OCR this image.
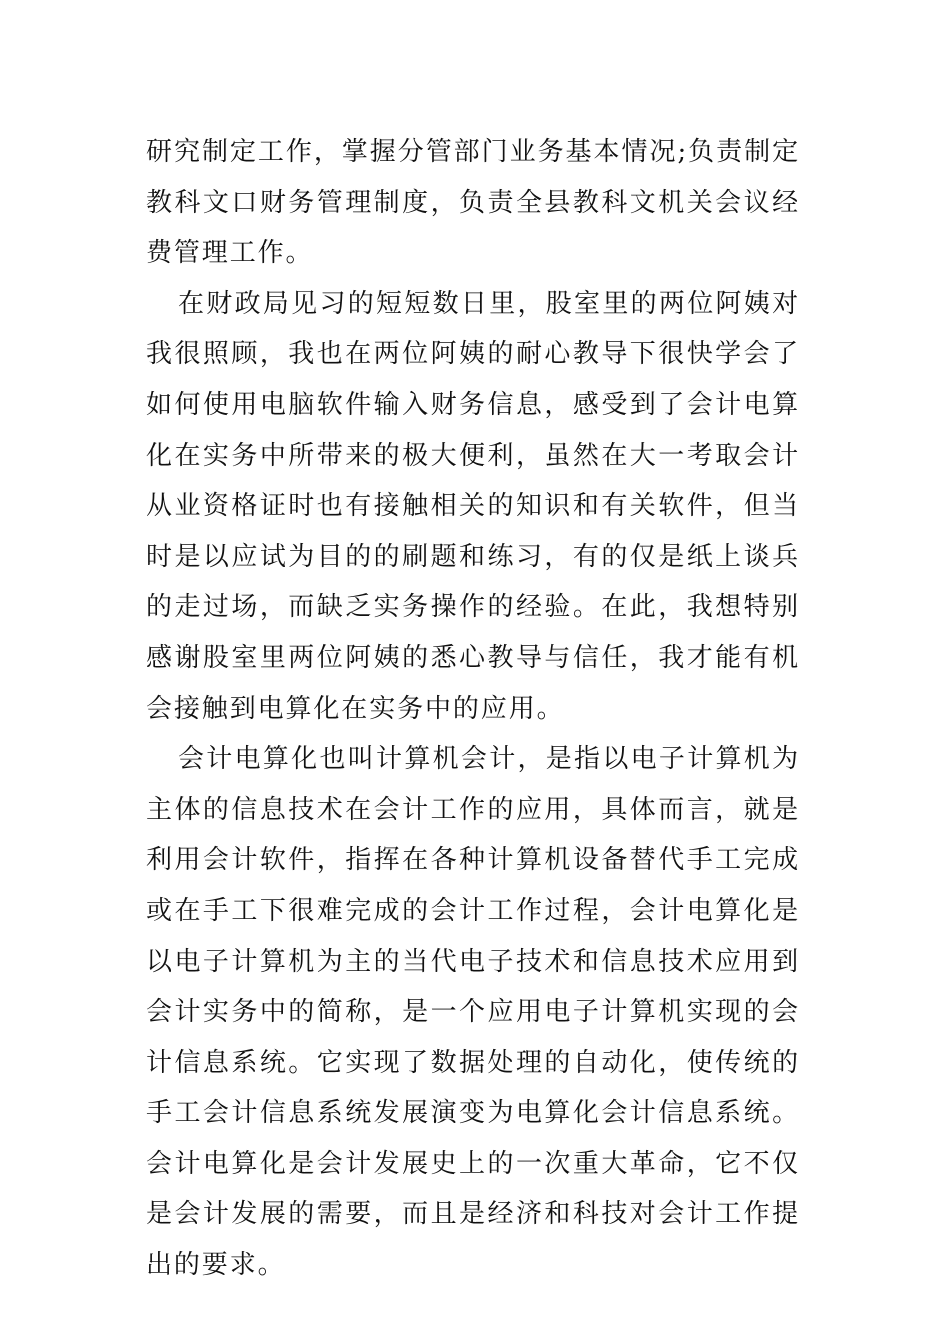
研究制定工作，掌握分管部门业务基本情况;负责制定教科文口财务管理制度，负责全县教科文机关会议经费管理工作。

在财政局见习的短短数日里，股室里的两位阿姨对我很照顾，我也在两位阿姨的耐心教导下很快学会了如何使用电脑软件输入财务信息，感受到了会计电算化在实务中所带来的极大便利，虽然在大一考取会计从业资格证时也有接触相关的知识和有关软件，但当时是以应试为目的的刷题和练习，有的仅是纸上谈兵的走过场，而缺乏实务操作的经验。在此，我想特别感谢股室里两位阿姨的悉心教导与信任，我才能有机会接触到电算化在实务中的应用。

会计电算化也叫计算机会计，是指以电子计算机为主体的信息技术在会计工作的应用，具体而言，就是利用会计软件，指挥在各种计算机设备替代手工完成或在手工下很难完成的会计工作过程，会计电算化是以电子计算机为主的当代电子技术和信息技术应用到会计实务中的简称，是一个应用电子计算机实现的会计信息系统。它实现了数据处理的自动化，使传统的手工会计信息系统发展演变为电算化会计信息系统。会计电算化是会计发展史上的一次重大革命，它不仅是会计发展的需要，而且是经济和科技对会计工作提出的要求。
